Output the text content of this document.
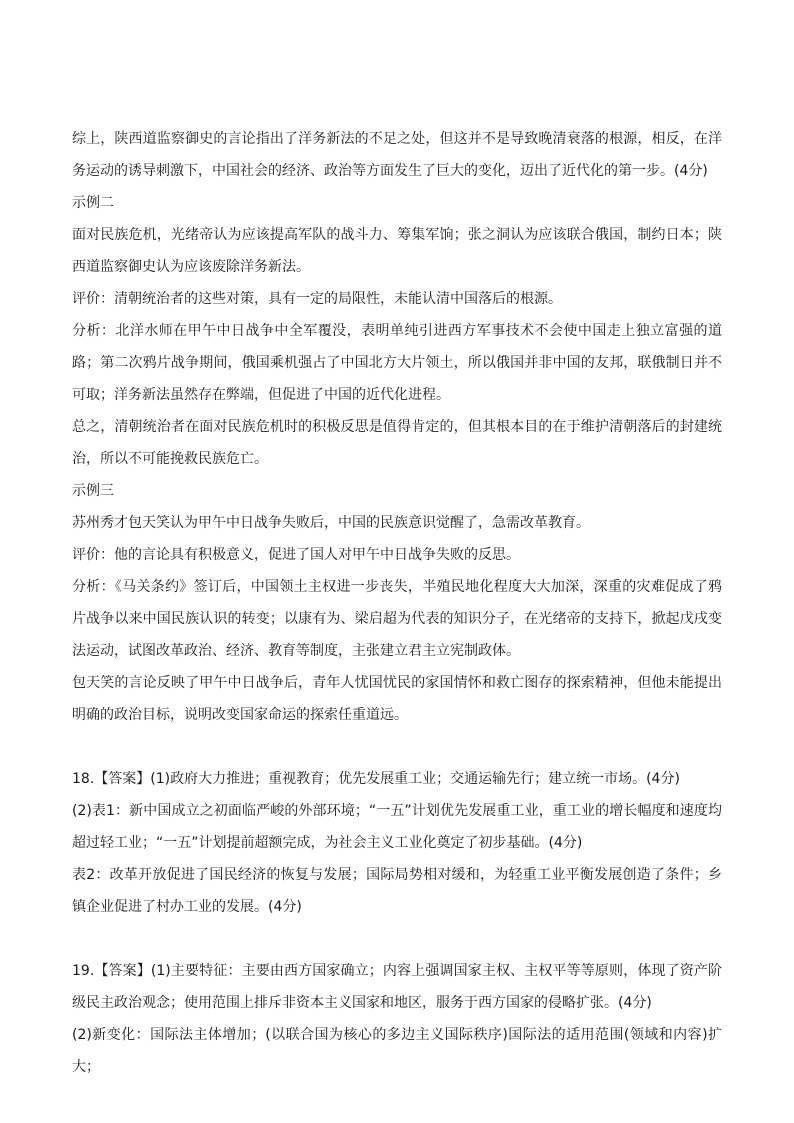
综上，陕西道监察御史的言论指出了洋务新法的不足之处，但这并不是导致晚清衰落的根源，相反，在洋务运动的诱导刺激下，中国社会的经济、政治等方面发生了巨大的变化，迈出了近代化的第一步。(4分)

示例二

面对民族危机，光绪帝认为应该提高军队的战斗力、筹集军饷；张之洞认为应该联合俄国，制约日本；陕西道监察御史认为应该废除洋务新法。

评价：清朝统治者的这些对策，具有一定的局限性，未能认清中国落后的根源。

分析：北洋水师在甲午中日战争中全军覆没，表明单纯引进西方军事技术不会使中国走上独立富强的道路；第二次鸦片战争期间，俄国乘机强占了中国北方大片领土，所以俄国并非中国的友邦，联俄制日并不可取；洋务新法虽然存在弊端，但促进了中国的近代化进程。

总之，清朝统治者在面对民族危机时的积极反思是值得肯定的，但其根本目的在于维护清朝落后的封建统治，所以不可能挽救民族危亡。

示例三

苏州秀才包天笑认为甲午中日战争失败后，中国的民族意识觉醒了，急需改革教育。

评价：他的言论具有积极意义，促进了国人对甲午中日战争失败的反思。

分析：《马关条约》签订后，中国领土主权进一步丧失，半殖民地化程度大大加深，深重的灾难促成了鸦片战争以来中国民族认识的转变；以康有为、梁启超为代表的知识分子，在光绪帝的支持下，掀起戊戌变法运动，试图改革政治、经济、教育等制度，主张建立君主立宪制政体。

包天笑的言论反映了甲午中日战争后，青年人忧国忧民的家国情怀和救亡图存的探索精神，但他未能提出明确的政治目标，说明改变国家命运的探索任重道远。

18.【答案】(1)政府大力推进；重视教育；优先发展重工业；交通运输先行；建立统一市场。(4分)

(2)表1：新中国成立之初面临严峻的外部环境；“一五”计划优先发展重工业，重工业的增长幅度和速度均超过轻工业；“一五”计划提前超额完成，为社会主义工业化奠定了初步基础。(4分)

表2：改革开放促进了国民经济的恢复与发展；国际局势相对缓和，为轻重工业平衡发展创造了条件；乡镇企业促进了村办工业的发展。(4分)

19.【答案】(1)主要特征：主要由西方国家确立；内容上强调国家主权、主权平等等原则，体现了资产阶级民主政治观念；使用范围上排斥非资本主义国家和地区，服务于西方国家的侵略扩张。(4分)

(2)新变化：国际法主体增加；(以联合国为核心的多边主义国际秩序)国际法的适用范围(领域和内容)扩大；
